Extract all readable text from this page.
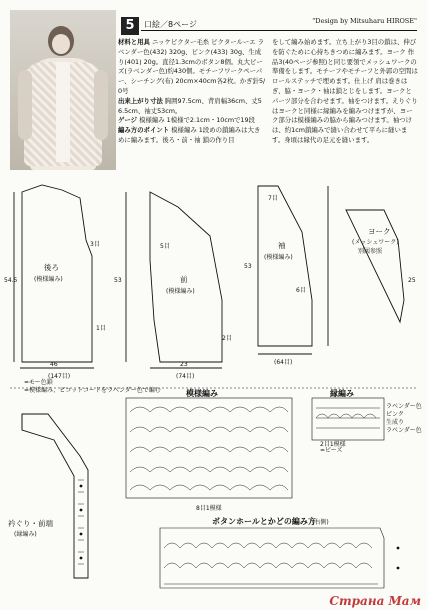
5	口絵／8ページ	"Design by Mitsuharu HIROSE"
材料と用具 ニッケビクター毛糸 ピクタールーエ ラベンダー色(432) 320g、ピンク(433) 30g、生成り(401) 20g。直径1.3cmのボタン8個。丸大ビーズ(ラベンダー色)約430個。モチーフワークペーパー、シーチング(布) 20cm×40cm各2枚。かぎ針5/0号
出来上がり寸法 胸囲97.5cm、背肩幅36cm、丈56.5cm、袖丈53cm。
ゲージ 模様編み 1模様で2.1cm・10cmで19段
編み方のポイント 模様編み 1段めの鎖編みは大きめに編みます。後ろ・前・袖 鎖の作り目
をして編み始めます。立ち上がり3目の鎖は、伸びを防ぐために心持ちきつめに編みます。ヨーク 作品3(40ページ参照)と同じ要領でメッシュワークの準備をします。モチーフやモチーフと外郭の空間はロールステッチで埋めます。仕上げ 肩は巻きはぎ、脇・ヨーク・袖は鎖とじをします。ヨークとパーツ部分を合わせます。袖をつけます。えりぐりはヨークと同様に縁編みを編みつけますが、ヨーク部分は模様編みの脇から編みつけます。袖つけは、約1cm鎖編みで縫い合わせて平らに縫います。身頃は縁代の足元を縫います。
後ろ
(模様編み)	前
(模様編み)
袖
(模様編み)
ヨーク
(メッシュワーク)
別図参照
54.5	53
53
25
(147目)
46
(74目)
23	(64目)
3目
1目
5目
7目
6目
2目
=モー色鎖
=模様編み、ピコットコードをラベンダー色で編む	模様編み	縁編み
ラベンダー色
ピンク
生成り
ラベンダー色
=ビーズ
2目1模様
8目1模様
衿ぐり・前端
(縁編み)
ボタンホールとかどの編み方
(右側)
Страна Мам
